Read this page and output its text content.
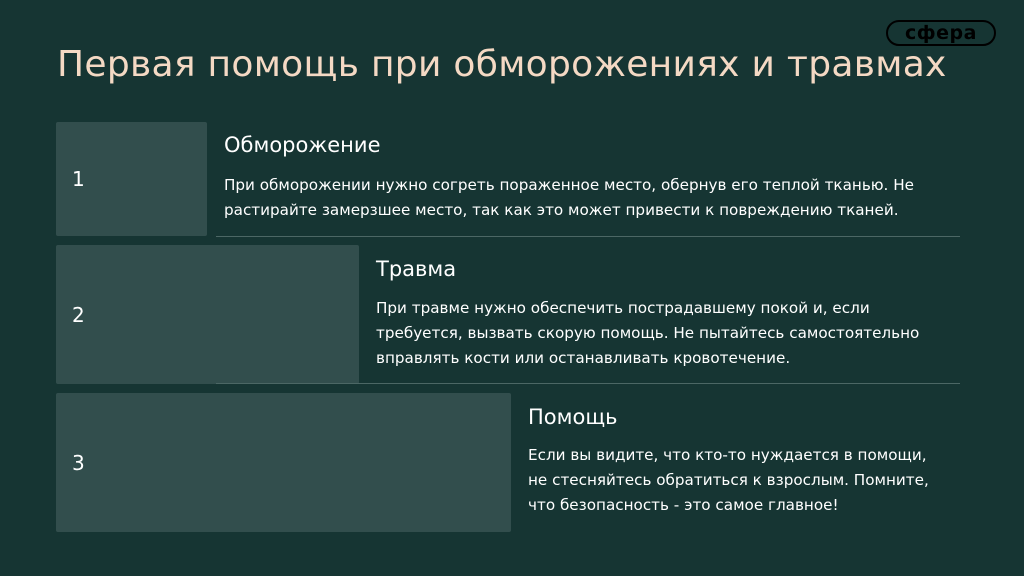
сфера
Первая помощь при обморожениях и травмах
1
Обморожение

При обморожении нужно согреть пораженное место, обернув его теплой тканью. Не растирайте замерзшее место, так как это может привести к повреждению тканей.

2
Травма

При травме нужно обеспечить пострадавшему покой и, если требуется, вызвать скорую помощь. Не пытайтесь самостоятельно вправлять кости или останавливать кровотечение.

3
Помощь

Если вы видите, что кто-то нуждается в помощи, не стесняйтесь обратиться к взрослым. Помните, что безопасность - это самое главное!
